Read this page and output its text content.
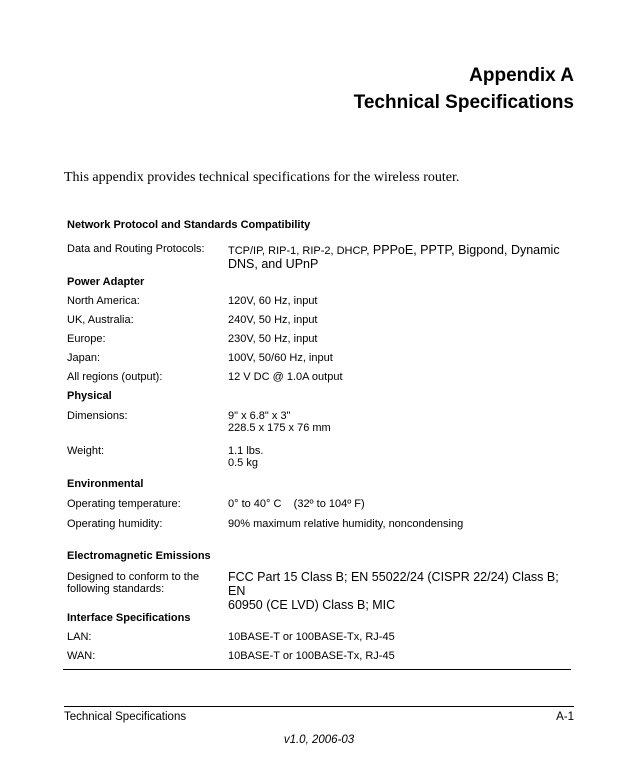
Appendix A
Technical Specifications
This appendix provides technical specifications for the wireless router.
Network Protocol and Standards Compatibility	
Data and Routing Protocols:	TCP/IP, RIP-1, RIP-2, DHCP, PPPoE, PPTP, Bigpond, Dynamic
DNS, and UPnP
Power Adapter	
North America:	120V, 60 Hz, input
UK, Australia:	240V, 50 Hz, input
Europe:	230V, 50 Hz, input
Japan:	100V, 50/60 Hz, input
All regions (output):	12 V DC @ 1.0A output
Physical	
Dimensions:	9" x 6.8" x 3"
228.5 x 175 x 76 mm
Weight:	1.1 lbs.
0.5 kg
Environmental	
Operating temperature:	0° to 40° C    (32º to 104º F)
Operating humidity:	90% maximum relative humidity, noncondensing
Electromagnetic Emissions	
Designed to conform to the
following standards:	FCC Part 15 Class B; EN 55022/24 (CISPR 22/24) Class B; EN
60950 (CE LVD) Class B; MIC
Interface Specifications	
LAN:	10BASE-T or 100BASE-Tx, RJ-45
WAN:	10BASE-T or 100BASE-Tx, RJ-45
Technical Specifications	A-1
v1.0, 2006-03
